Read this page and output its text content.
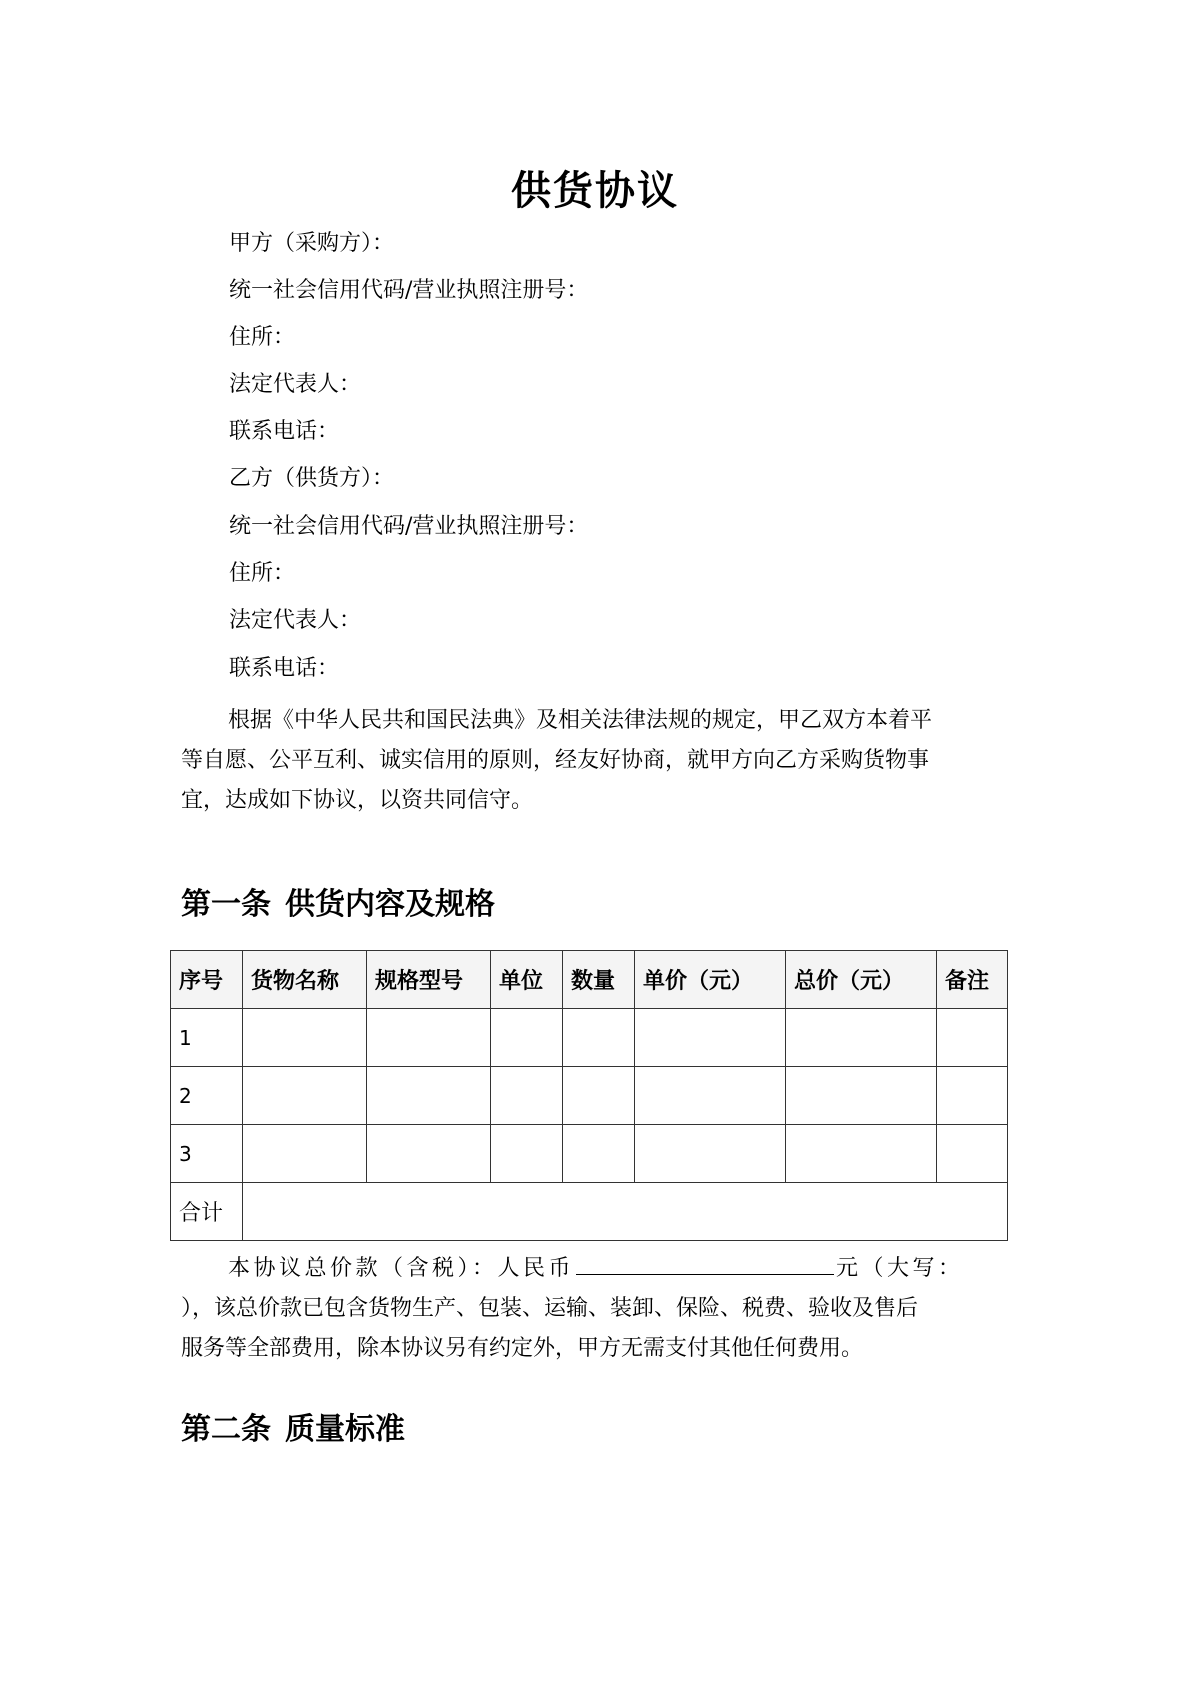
供货协议
甲方（采购方）：
统一社会信用代码/营业执照注册号：
住所：
法定代表人：
联系电话：
乙方（供货方）：
统一社会信用代码/营业执照注册号：
住所：
法定代表人：
联系电话：
根据《中华人民共和国民法典》及相关法律法规的规定，甲乙双方本着平
等自愿、公平互利、诚实信用的原则，经友好协商，就甲方向乙方采购货物事
宜，达成如下协议，以资共同信守。
第一条 供货内容及规格
序号	货物名称	规格型号	单位	数量	单价（元）	总价（元）	备注
1							
2							
3							
合计							
本协议总价款（含税）：人民币	元（大写：
），该总价款已包含货物生产、包装、运输、装卸、保险、税费、验收及售后
服务等全部费用，除本协议另有约定外，甲方无需支付其他任何费用。
第二条 质量标准
